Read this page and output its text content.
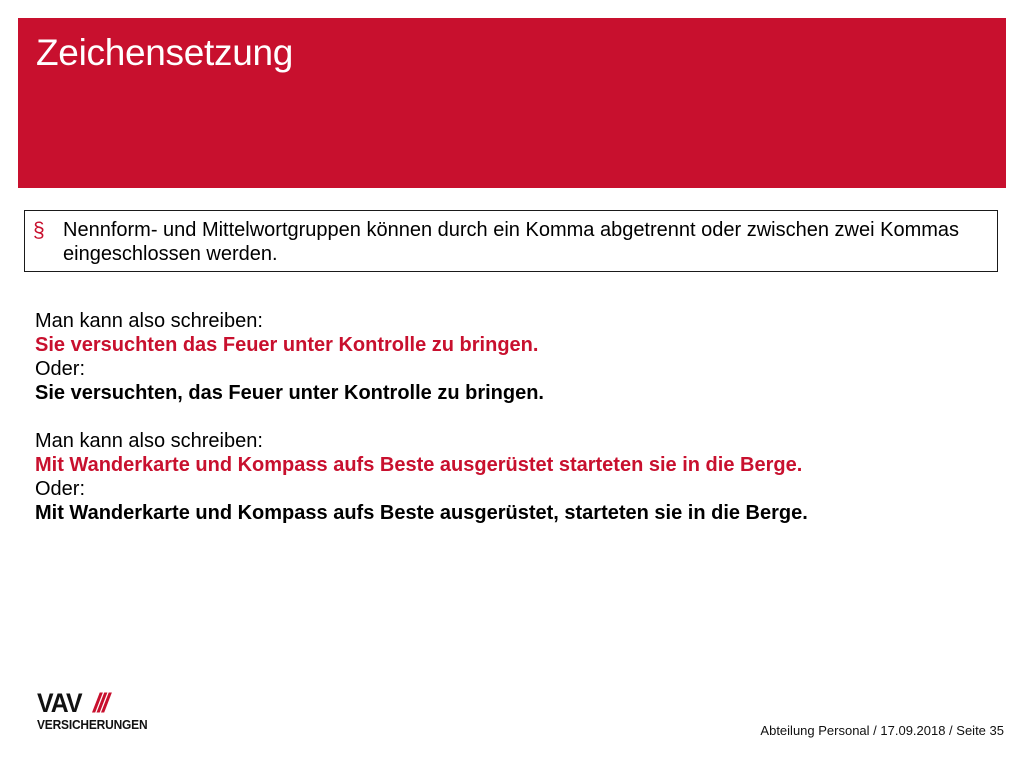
Zeichensetzung
§ Nennform- und Mittelwortgruppen können durch ein Komma abgetrennt oder zwischen zwei Kommas eingeschlossen werden.
Man kann also schreiben:
Sie versuchten das Feuer unter Kontrolle zu bringen.
Oder:
Sie versuchten, das Feuer unter Kontrolle zu bringen.
Man kann also schreiben:
Mit Wanderkarte und Kompass aufs Beste ausgerüstet starteten sie in die Berge.
Oder:
Mit Wanderkarte und Kompass aufs Beste ausgerüstet, starteten sie in die Berge.
VAV ///
VERSICHERUNGEN	Abteilung Personal / 17.09.2018 / Seite 35
